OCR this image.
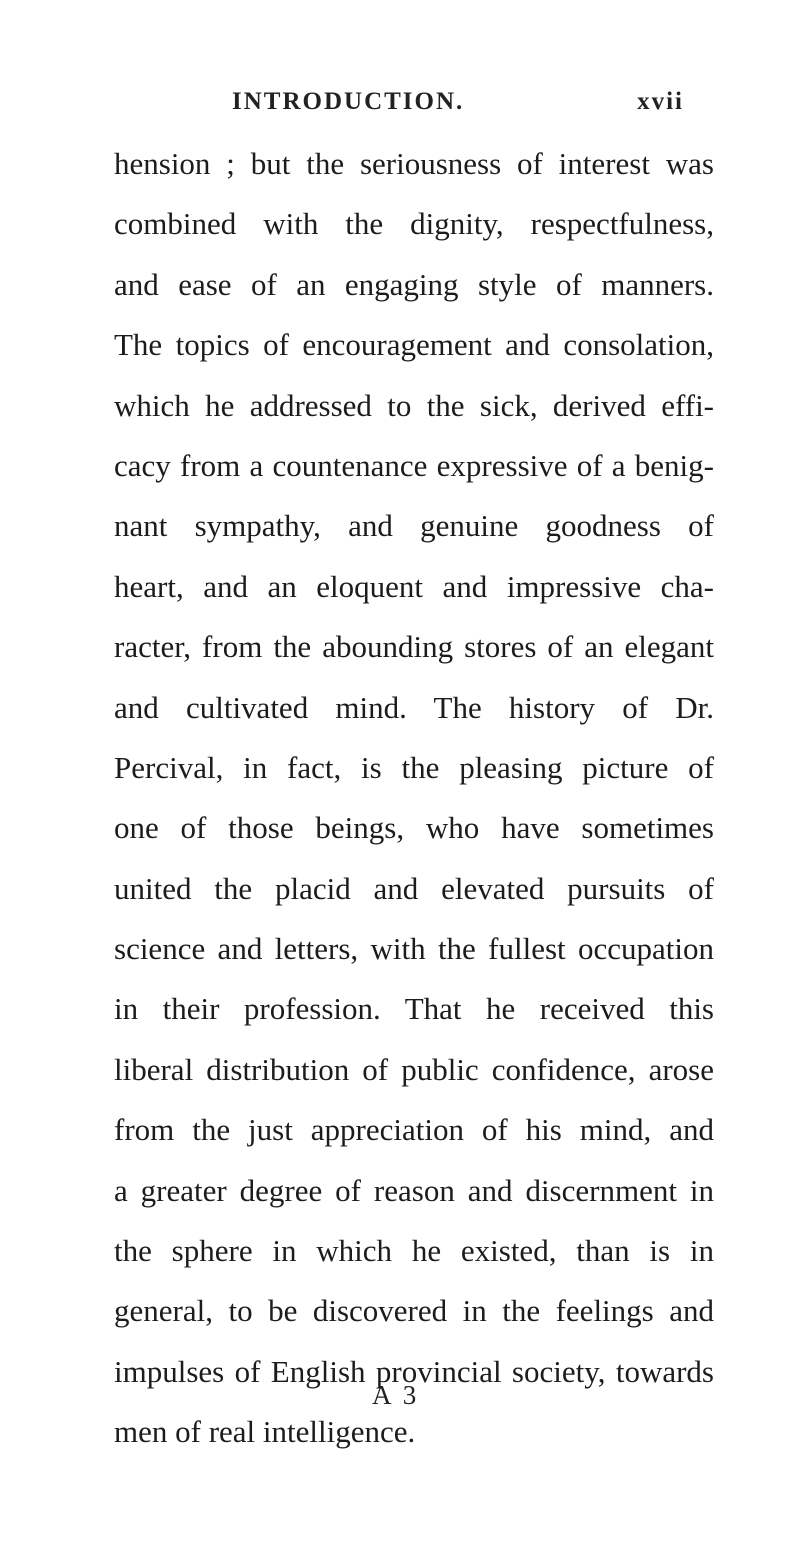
INTRODUCTION.	xvii
hension ; but the seriousness of interest was
combined with the dignity, respectfulness,
and ease of an engaging style of manners.
The topics of encouragement and consolation,
which he addressed to the sick, derived effi-
cacy from a countenance expressive of a benig-
nant sympathy, and genuine goodness of
heart, and an eloquent and impressive cha-
racter, from the abounding stores of an elegant
and cultivated mind. The history of Dr.
Percival, in fact, is the pleasing picture of
one of those beings, who have sometimes
united the placid and elevated pursuits of
science and letters, with the fullest occupation
in their profession. That he received this
liberal distribution of public confidence, arose
from the just appreciation of his mind, and
a greater degree of reason and discernment in
the sphere in which he existed, than is in
general, to be discovered in the feelings and
impulses of English provincial society, towards
men of real intelligence.
A 3
